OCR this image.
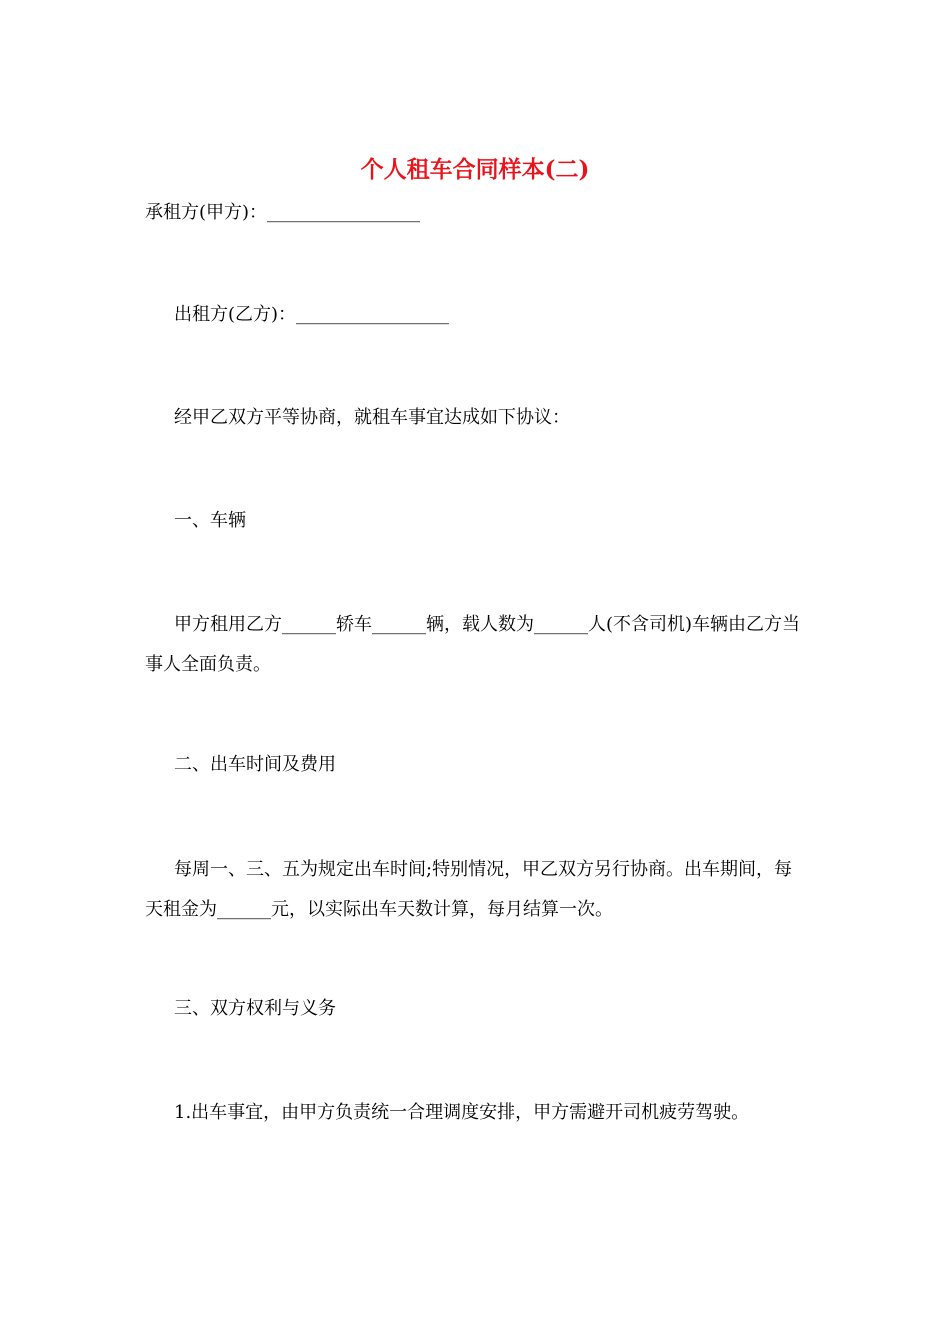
个人租车合同样本(二)
承租方(甲方)：_________________
出租方(乙方)：_________________
经甲乙双方平等协商，就租车事宜达成如下协议：
一、车辆
甲方租用乙方______轿车______辆，载人数为______人(不含司机)车辆由乙方当事人全面负责。
二、出车时间及费用
每周一、三、五为规定出车时间;特别情况，甲乙双方另行协商。出车期间，每天租金为______元，以实际出车天数计算，每月结算一次。
三、双方权利与义务
1.出车事宜，由甲方负责统一合理调度安排，甲方需避开司机疲劳驾驶。
